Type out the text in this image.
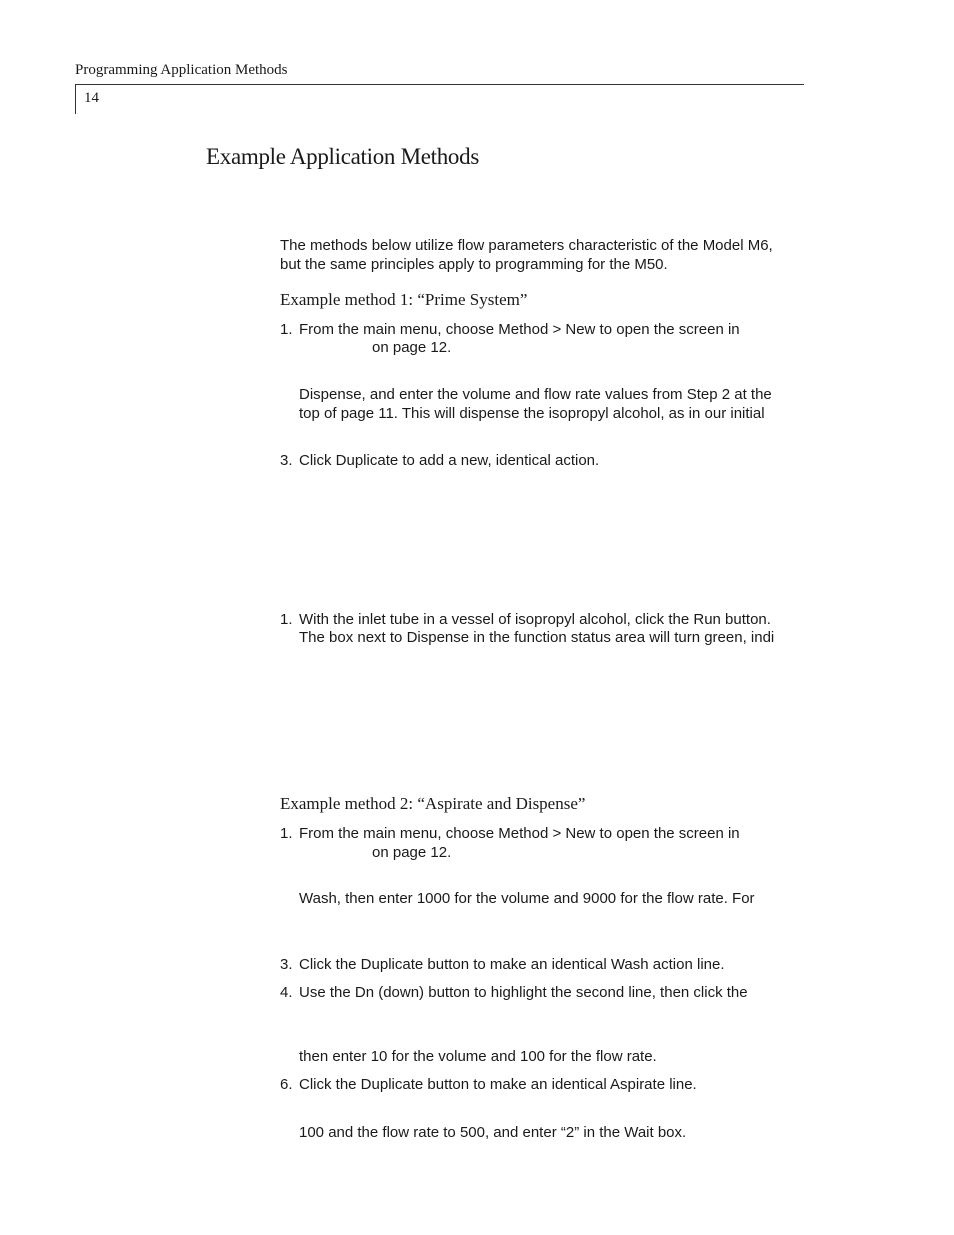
Programming Application Methods
14
Example Application Methods
The methods below utilize flow parameters characteristic of the Model M6,
but the same principles apply to programming for the M50.
Example method 1: “Prime System”
1. From the main menu, choose Method > New to open the screen in
on page 12.
Dispense, and enter the volume and flow rate values from Step 2 at the
top of page 11. This will dispense the isopropyl alcohol, as in our initial
3. Click Duplicate to add a new, identical action.
1. With the inlet tube in a vessel of isopropyl alcohol, click the Run button.
The box next to Dispense in the function status area will turn green, indi
Example method 2: “Aspirate and Dispense”
1. From the main menu, choose Method > New to open the screen in
on page 12.
Wash, then enter 1000 for the volume and 9000 for the flow rate. For
3. Click the Duplicate button to make an identical Wash action line.
4. Use the Dn (down) button to highlight the second line, then click the
then enter 10 for the volume and 100 for the flow rate.
6. Click the Duplicate button to make an identical Aspirate line.
100 and the flow rate to 500, and enter “2” in the Wait box.
